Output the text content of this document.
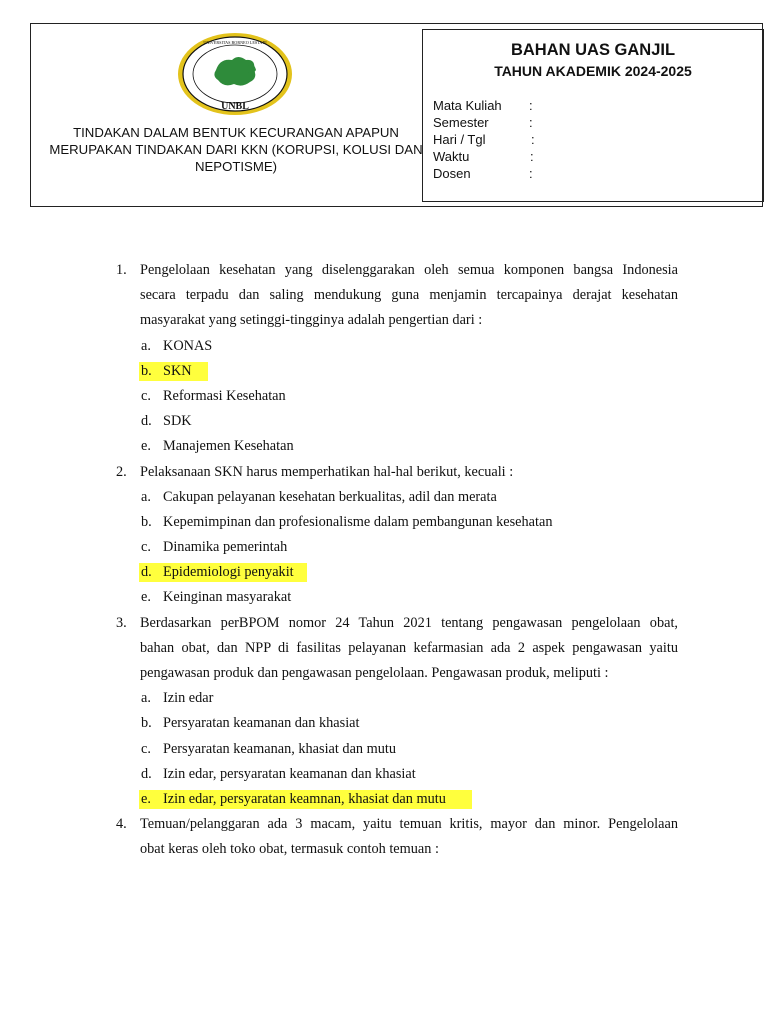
UNBL
UNIVERSITAS BORNEO LESTARI
TINDAKAN DALAM BENTUK KECURANGAN APAPUN
MERUPAKAN TINDAKAN DARI KKN (KORUPSI, KOLUSI DAN
NEPOTISME)
BAHAN UAS GANJIL
TAHUN AKADEMIK 2024-2025
Mata Kuliah :
Semester	:
Hari / Tgl	:
Waktu	:
Dosen	:
1. Pengelolaan kesehatan yang diselenggarakan oleh semua komponen bangsa Indonesia
secara terpadu dan saling mendukung guna menjamin tercapainya derajat kesehatan
masyarakat yang setinggi-tingginya adalah pengertian dari :
a. KONAS
b. SKN
c. Reformasi Kesehatan
d. SDK
e. Manajemen Kesehatan
2. Pelaksanaan SKN harus memperhatikan hal-hal berikut, kecuali :
a. Cakupan pelayanan kesehatan berkualitas, adil dan merata
b. Kepemimpinan dan profesionalisme dalam pembangunan kesehatan
c. Dinamika pemerintah
d. Epidemiologi penyakit
e. Keinginan masyarakat
3. Berdasarkan perBPOM nomor 24 Tahun 2021 tentang pengawasan pengelolaan obat,
bahan obat, dan NPP di fasilitas pelayanan kefarmasian ada 2 aspek pengawasan yaitu
pengawasan produk dan pengawasan pengelolaan. Pengawasan produk, meliputi :
a. Izin edar
b. Persyaratan keamanan dan khasiat
c. Persyaratan keamanan, khasiat dan mutu
d. Izin edar, persyaratan keamanan dan khasiat
e. Izin edar, persyaratan keamnan, khasiat dan mutu
4. Temuan/pelanggaran ada 3 macam, yaitu temuan kritis, mayor dan minor. Pengelolaan
obat keras oleh toko obat, termasuk contoh temuan :
